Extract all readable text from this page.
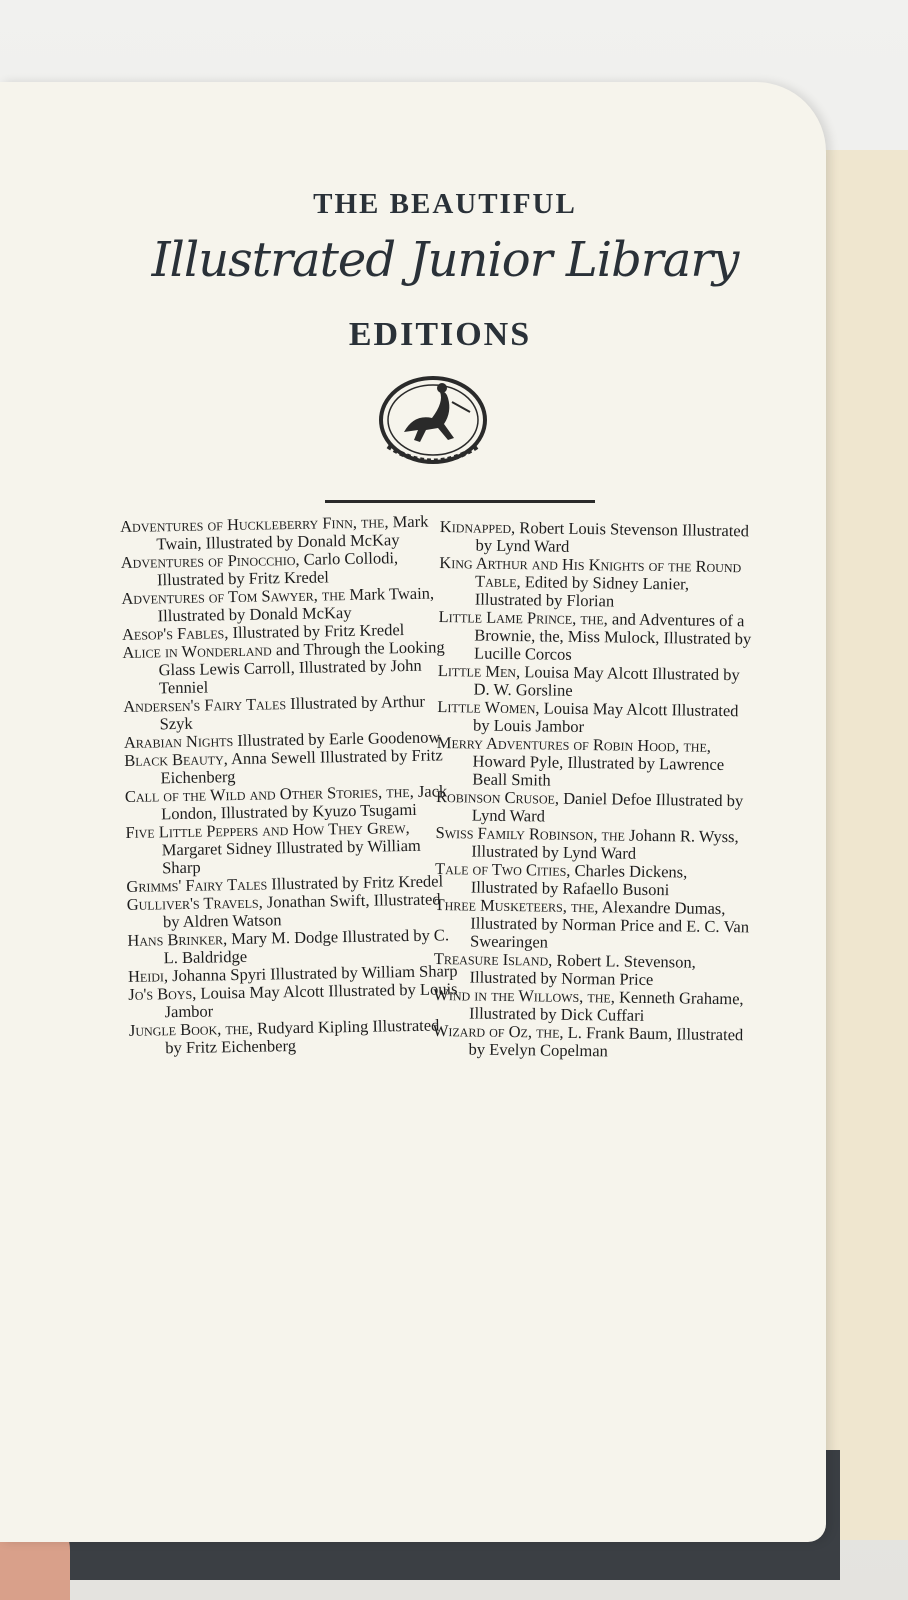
THE BEAUTIFUL
Illustrated Junior Library
EDITIONS
Adventures of Huckleberry Finn, the, Mark Twain, Illustrated by Donald McKay
Adventures of Pinocchio, Carlo Collodi, Illustrated by Fritz Kredel
Adventures of Tom Sawyer, the Mark Twain, Illustrated by Donald McKay
Aesop's Fables, Illustrated by Fritz Kredel
Alice in Wonderland and Through the Looking Glass Lewis Carroll, Illustrated by John Tenniel
Andersen's Fairy Tales Illustrated by Arthur Szyk
Arabian Nights Illustrated by Earle Goodenow
Black Beauty, Anna Sewell Illustrated by Fritz Eichenberg
Call of the Wild and Other Stories, the, Jack London, Illustrated by Kyuzo Tsugami
Five Little Peppers and How They Grew, Margaret Sidney Illustrated by William Sharp
Grimms' Fairy Tales Illustrated by Fritz Kredel
Gulliver's Travels, Jonathan Swift, Illustrated by Aldren Watson
Hans Brinker, Mary M. Dodge Illustrated by C. L. Baldridge
Heidi, Johanna Spyri Illustrated by William Sharp
Jo's Boys, Louisa May Alcott Illustrated by Louis Jambor
Jungle Book, the, Rudyard Kipling Illustrated by Fritz Eichenberg
Kidnapped, Robert Louis Stevenson Illustrated by Lynd Ward
King Arthur and His Knights of the Round Table, Edited by Sidney Lanier, Illustrated by Florian
Little Lame Prince, the, and Adventures of a Brownie, the, Miss Mulock, Illustrated by Lucille Corcos
Little Men, Louisa May Alcott Illustrated by D. W. Gorsline
Little Women, Louisa May Alcott Illustrated by Louis Jambor
Merry Adventures of Robin Hood, the, Howard Pyle, Illustrated by Lawrence Beall Smith
Robinson Crusoe, Daniel Defoe Illustrated by Lynd Ward
Swiss Family Robinson, the Johann R. Wyss, Illustrated by Lynd Ward
Tale of Two Cities, Charles Dickens, Illustrated by Rafaello Busoni
Three Musketeers, the, Alexandre Dumas, Illustrated by Norman Price and E. C. Van Swearingen
Treasure Island, Robert L. Stevenson, Illustrated by Norman Price
Wind in the Willows, the, Kenneth Grahame, Illustrated by Dick Cuffari
Wizard of Oz, the, L. Frank Baum, Illustrated by Evelyn Copelman
